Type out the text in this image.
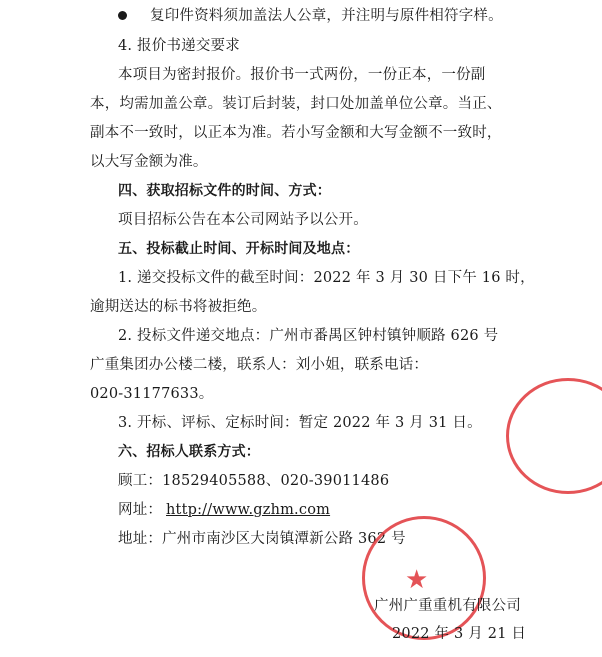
复印件资料须加盖法人公章，并注明与原件相符字样。
4. 报价书递交要求
本项目为密封报价。报价书一式两份，一份正本，一份副
本，均需加盖公章。装订后封装，封口处加盖单位公章。当正、
副本不一致时，以正本为准。若小写金额和大写金额不一致时，
以大写金额为准。
四、获取招标文件的时间、方式：
项目招标公告在本公司网站予以公开。
五、投标截止时间、开标时间及地点：
1. 递交投标文件的截至时间：2022 年 3 月 30 日下午 16 时，
逾期送达的标书将被拒绝。
2. 投标文件递交地点：广州市番禺区钟村镇钟顺路 626 号
广重集团办公楼二楼，联系人：刘小姐，联系电话：
020-31177633。
3. 开标、评标、定标时间：暂定 2022 年 3 月 31 日。
六、招标人联系方式：
顾工：18529405588、020-39011486
网址： http://www.gzhm.com
地址：广州市南沙区大岗镇潭新公路 362 号
★
广州广重重机有限公司
2022 年 3 月 21 日
